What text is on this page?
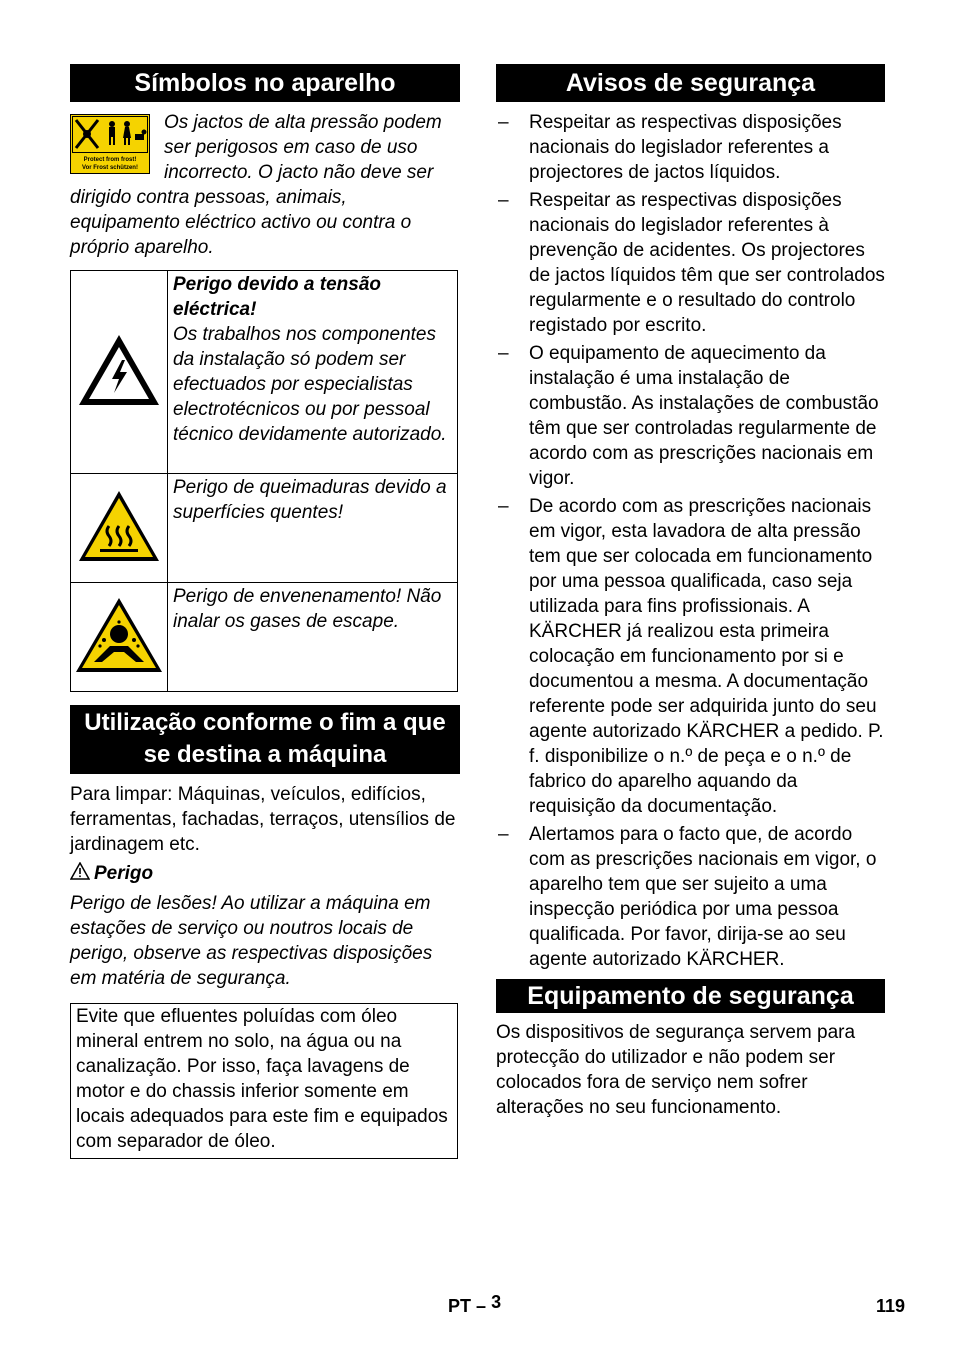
Símbolos no aparelho
Protect from frost!
Vor Frost schützen!
Os jactos de alta pressão podem ser perigosos em caso de uso incorrecto. O jacto não deve ser dirigido contra pessoas, animais, equipamento eléctrico activo ou contra o próprio aparelho.

Perigo devido a tensão eléctrica!
Os trabalhos nos componentes da instalação só podem ser efectuados por especialistas electrotécnicos ou por pessoal técnico devidamente autorizado.

	Perigo de queimaduras devido a superfícies quentes!
	Perigo de envenenamento! Não inalar os gases de escape.
Utilização conforme o fim a que se destina a máquina
Para limpar: Máquinas, veículos, edifícios, ferramentas, fachadas, terraços, utensílios de jardinagem etc.
Perigo
Perigo de lesões! Ao utilizar a máquina em estações de serviço ou noutros locais de perigo, observe as respectivas disposições em matéria de segurança.
Evite que efluentes poluídas com óleo mineral entrem no solo, na água ou na canalização. Por isso, faça lavagens de motor e do chassis inferior somente em locais adequados para este fim e equipados com separador de óleo.
Avisos de segurança
– Respeitar as respectivas disposições nacionais do legislador referentes a projectores de jactos líquidos.
– Respeitar as respectivas disposições nacionais do legislador referentes à prevenção de acidentes. Os projectores de jactos líquidos têm que ser controlados regularmente e o resultado do controlo registado por escrito.
– O equipamento de aquecimento da instalação é uma instalação de combustão. As instalações de combustão têm que ser controladas regularmente de acordo com as prescrições nacionais em vigor.
– De acordo com as prescrições nacionais em vigor, esta lavadora de alta pressão tem que ser colocada em funcionamento por uma pessoa qualificada, caso seja utilizada para fins profissionais. A KÄRCHER já realizou esta primeira colocação em funcionamento por si e documentou a mesma. A documentação referente pode ser adquirida junto do seu agente autorizado KÄRCHER a pedido. P. f. disponibilize o n.º de peça e o n.º de fabrico do aparelho aquando da requisição da documentação.
– Alertamos para o facto que, de acordo com as prescrições nacionais em vigor, o aparelho tem que ser sujeito a uma inspecção periódica por uma pessoa qualificada. Por favor, dirija-se ao seu agente autorizado KÄRCHER.
Equipamento de segurança
Os dispositivos de segurança servem para protecção do utilizador e não podem ser colocados fora de serviço nem sofrer alterações no seu funcionamento.
PT – 3	119
